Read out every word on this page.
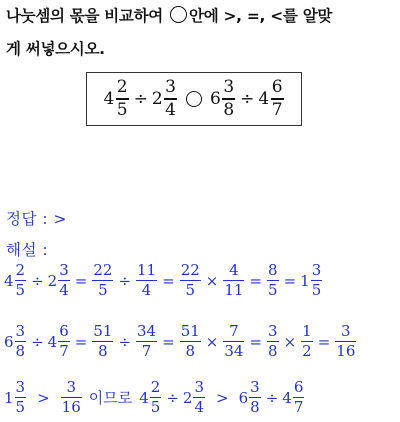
나눗셈의 몫을 비교하여 안에 >, =, <를 알맞
게 써넣으시오.
$4 \frac{2}{5} \div 2 \frac{3}{4} 6 \frac{3}{8} \div 4 \frac{6}{7}$
정답 : >
해설 :
$4 \frac{2}{5} \div 2 \frac{3}{4} = \frac{22}{5} \div \frac{11}{4} = \frac{22}{5} \times \frac{4}{11} = \frac{8}{5} = 1 \frac{3}{5}$
$6 \frac{3}{8} \div 4 \frac{6}{7} = \frac{51}{8} \div \frac{34}{7} = \frac{51}{8} \times \frac{7}{34} = \frac{3}{8} \times \frac{1}{2} = \frac{3}{16}$
$1 \frac{3}{5} > \frac{3}{16}$ 이므로 $4 \frac{2}{5} \div 2 \frac{3}{4} > 6 \frac{3}{8} \div 4 \frac{6}{7}$
